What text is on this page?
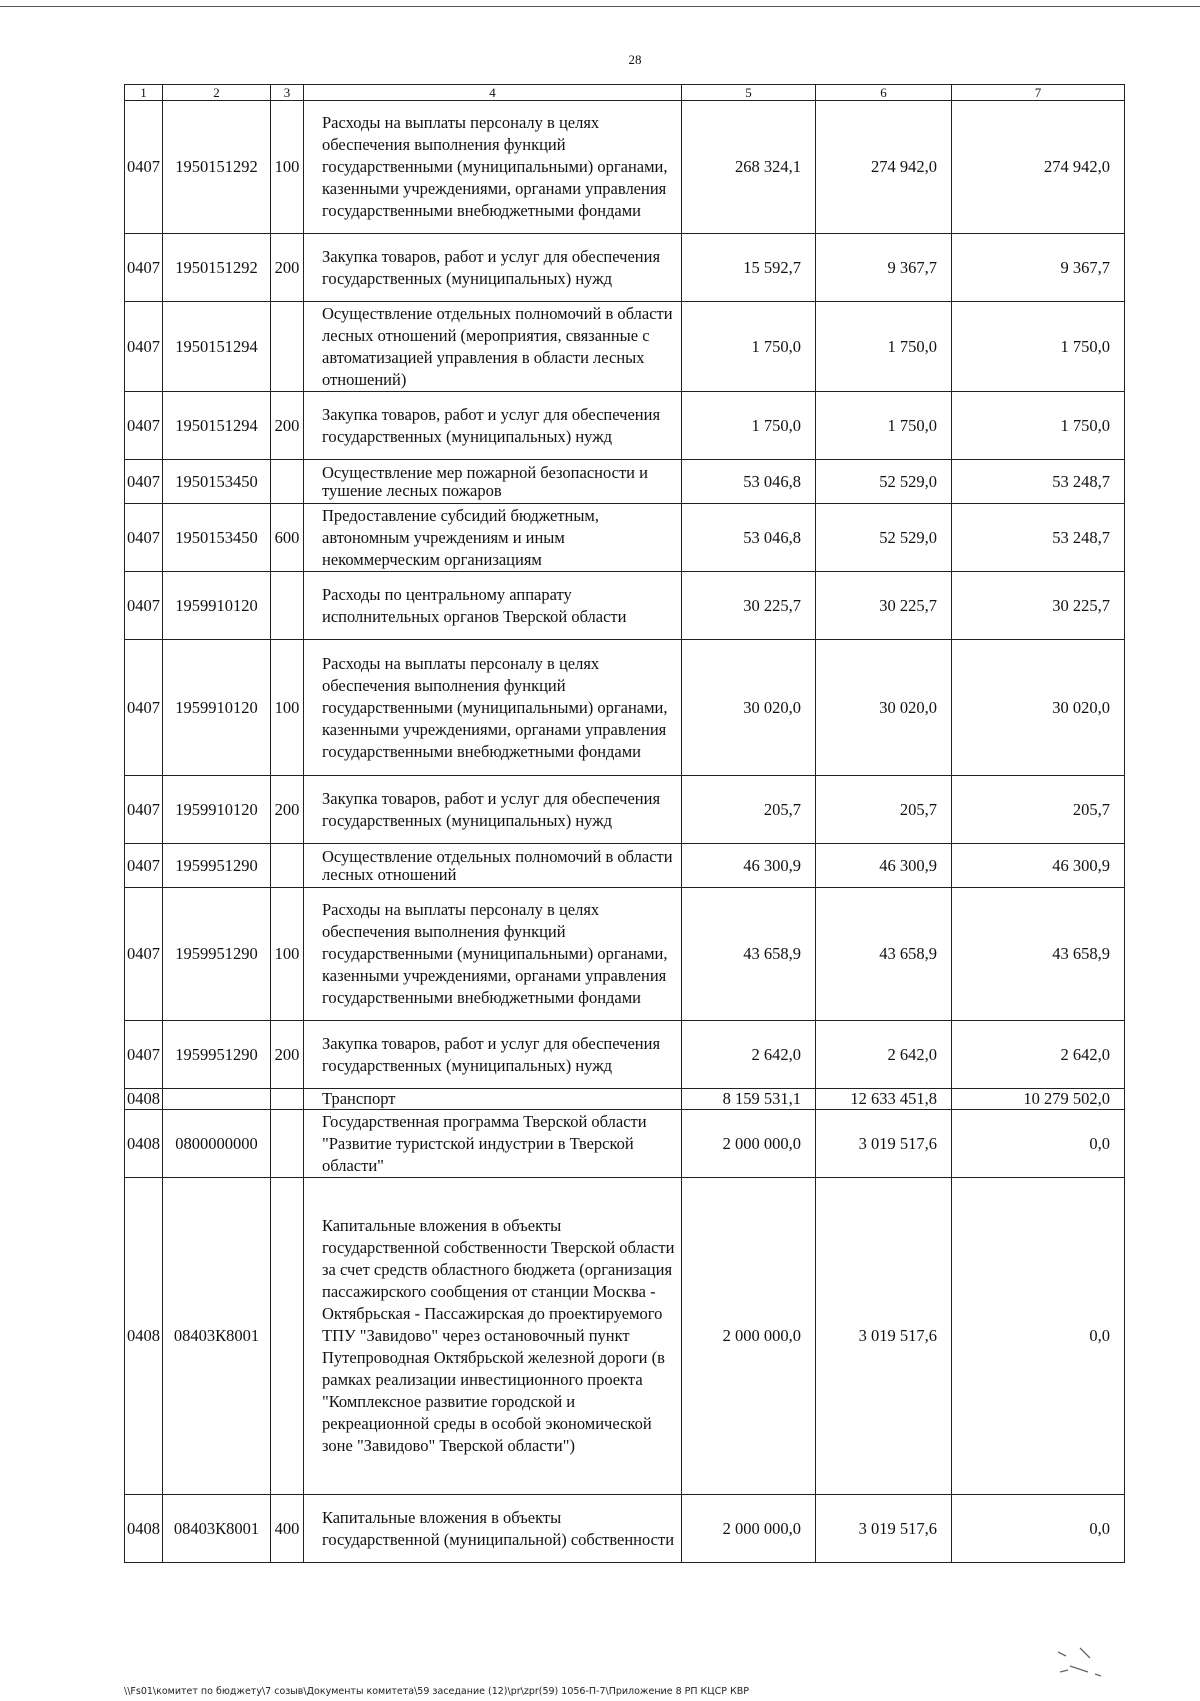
28
1	2	3	4	5	6	7
0407	1950151292	100	Расходы на выплаты персоналу в целях обеспечения выполнения функций государственными (муниципальными) органами, казенными учреждениями, органами управления государственными внебюджетными фондами	268 324,1	274 942,0	274 942,0
0407	1950151292	200	Закупка товаров, работ и услуг для обеспечения государственных (муниципальных) нужд	15 592,7	9 367,7	9 367,7
0407	1950151294		Осуществление отдельных полномочий в области лесных отношений (мероприятия, связанные с автоматизацией управления в области лесных отношений)	1 750,0	1 750,0	1 750,0
0407	1950151294	200	Закупка товаров, работ и услуг для обеспечения государственных (муниципальных) нужд	1 750,0	1 750,0	1 750,0
0407	1950153450		Осуществление мер пожарной безопасности и тушение лесных пожаров	53 046,8	52 529,0	53 248,7
0407	1950153450	600	Предоставление субсидий бюджетным, автономным учреждениям и иным некоммерческим организациям	53 046,8	52 529,0	53 248,7
0407	1959910120		Расходы по центральному аппарату исполнительных органов Тверской области	30 225,7	30 225,7	30 225,7
0407	1959910120	100	Расходы на выплаты персоналу в целях обеспечения выполнения функций государственными (муниципальными) органами, казенными учреждениями, органами управления государственными внебюджетными фондами	30 020,0	30 020,0	30 020,0
0407	1959910120	200	Закупка товаров, работ и услуг для обеспечения государственных (муниципальных) нужд	205,7	205,7	205,7
0407	1959951290		Осуществление отдельных полномочий в области лесных отношений	46 300,9	46 300,9	46 300,9
0407	1959951290	100	Расходы на выплаты персоналу в целях обеспечения выполнения функций государственными (муниципальными) органами, казенными учреждениями, органами управления государственными внебюджетными фондами	43 658,9	43 658,9	43 658,9
0407	1959951290	200	Закупка товаров, работ и услуг для обеспечения государственных (муниципальных) нужд	2 642,0	2 642,0	2 642,0
0408			Транспорт	8 159 531,1	12 633 451,8	10 279 502,0
0408	0800000000		Государственная программа Тверской области "Развитие туристской индустрии в Тверской области"	2 000 000,0	3 019 517,6	0,0
0408	08403К8001		Капитальные вложения в объекты государственной собственности Тверской области за счет средств областного бюджета (организация пассажирского сообщения от станции Москва - Октябрьская - Пассажирская до проектируемого ТПУ "Завидово" через остановочный пункт Путепроводная Октябрьской железной дороги (в рамках реализации инвестиционного проекта "Комплексное развитие городской и рекреационной среды в особой экономической зоне "Завидово" Тверской области")	2 000 000,0	3 019 517,6	0,0
0408	08403К8001	400	Капитальные вложения в объекты государственной (муниципальной) собственности	2 000 000,0	3 019 517,6	0,0
\\Fs01\комитет по бюджету\7 созыв\Документы комитета\59 заседание (12)\pr\zpr(59) 1056-П-7\Приложение 8 РП КЦСР КВР
